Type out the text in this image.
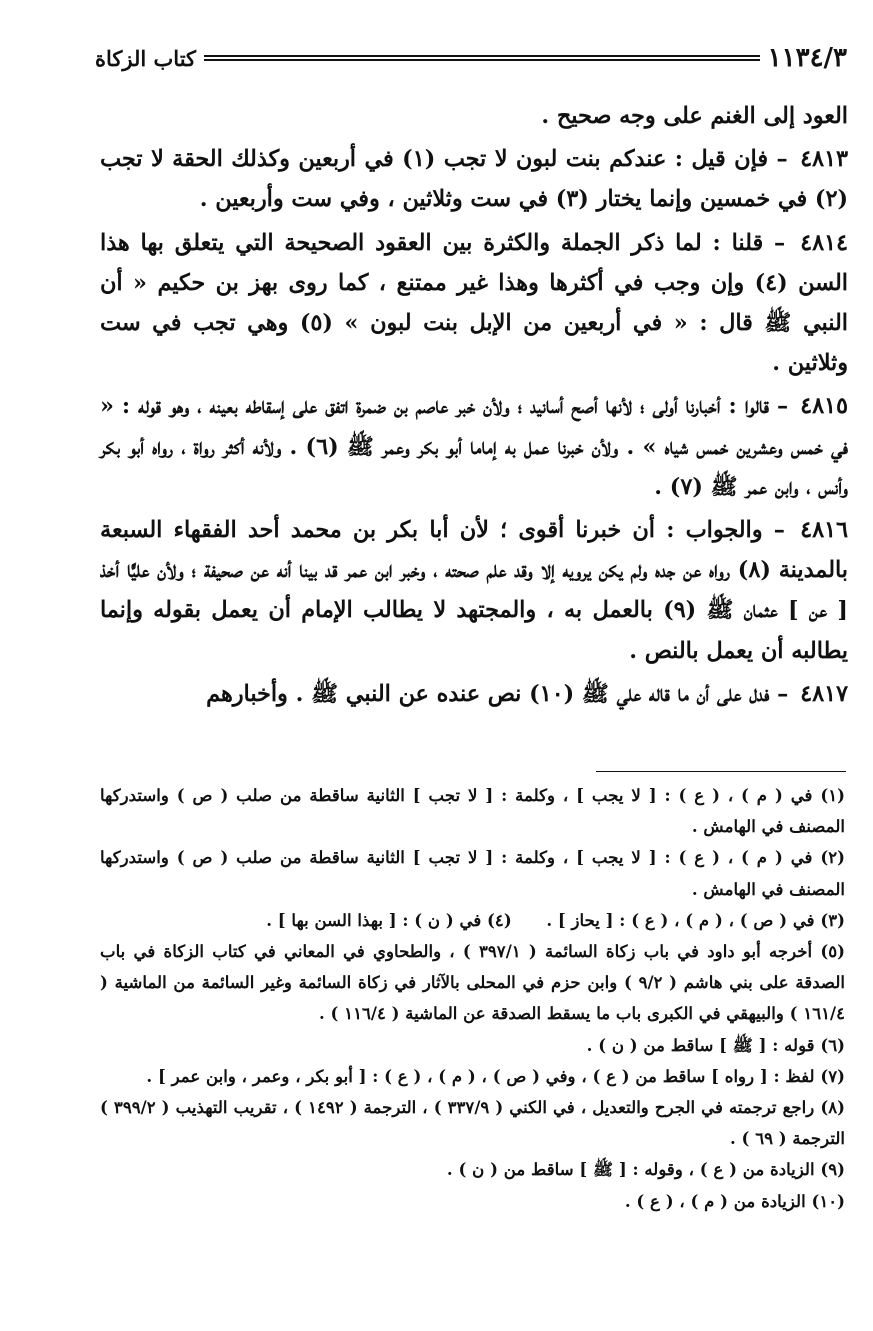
١١٣٤/٣
كتاب الزكاة

العود إلى الغنم على وجه صحيح .

٤٨١٣ – فإن قيل : عندكم بنت لبون لا تجب (١) في أربعين وكذلك الحقة لا تجب (٢) في خمسين وإنما يختار (٣) في ست وثلاثين ، وفي ست وأربعين .

٤٨١٤ – قلنا : لما ذكر الجملة والكثرة بين العقود الصحيحة التي يتعلق بها هذا السن (٤) وإن وجب في أكثرها وهذا غير ممتنع ، كما روى بهز بن حكيم « أن النبي ﷺ قال : « في أربعين من الإبل بنت لبون » (٥) وهي تجب في ست وثلاثين .

٤٨١٥ – قالوا : أخبارنا أولى ؛ لأنها أصح أسانيد ؛ ولأن خبر عاصم بن ضمرة اتفق على إسقاطه بعينه ، وهو قوله : « في خمس وعشرين خمس شياه » . ولأن خبرنا عمل به إماما أبو بكر وعمر ﷺ (٦) . ولأنه أكثر رواة ، رواه أبو بكر وأنس ، وابن عمر ﷺ (٧) .

٤٨١٦ – والجواب : أن خبرنا أقوى ؛ لأن أبا بكر بن محمد أحد الفقهاء السبعة بالمدينة (٨) رواه عن جده ولم يكن يرويه إلا وقد علم صحته ، وخبر ابن عمر قد بينا أنه عن صحيفة ؛ ولأن عليًّا أخذ [ عن ] عثمان ﷺ (٩) بالعمل به ، والمجتهد لا يطالب الإمام أن يعمل بقوله وإنما يطالبه أن يعمل بالنص .

٤٨١٧ – فدل على أن ما قاله علي ﷺ (١٠) نص عنده عن النبي ﷺ . وأخبارهم

(١) في ( م ) ، ( ع ) : [ لا يجب ] ، وكلمة : [ لا تجب ] الثانية ساقطة من صلب ( ص ) واستدركها المصنف في الهامش .

(٢) في ( م ) ، ( ع ) : [ لا يجب ] ، وكلمة : [ لا تجب ] الثانية ساقطة من صلب ( ص ) واستدركها المصنف في الهامش .

(٣) في ( ص ) ، ( م ) ، ( ع ) : [ يحاز ] .      (٤) في ( ن ) : [ بهذا السن بها ] .

(٥) أخرجه أبو داود في باب زكاة السائمة ( ٣٩٧/١ ) ، والطحاوي في المعاني في كتاب الزكاة في باب الصدقة على بني هاشم ( ٩/٢ ) وابن حزم في المحلى بالآثار في زكاة السائمة وغير السائمة من الماشية ( ١٦١/٤ ) والبيهقي في الكبرى باب ما يسقط الصدقة عن الماشية ( ١١٦/٤ ) .

(٦) قوله : [ ﷺ ] ساقط من ( ن ) .

(٧) لفظ : [ رواه ] ساقط من ( ع ) ، وفي ( ص ) ، ( م ) ، ( ع ) : [ أبو بكر ، وعمر ، وابن عمر ] .

(٨) راجع ترجمته في الجرح والتعديل ، في الكني ( ٣٣٧/٩ ) ، الترجمة ( ١٤٩٢ ) ، تقريب التهذيب ( ٣٩٩/٢ ) الترجمة ( ٦٩ ) .

(٩) الزيادة من ( ع ) ، وقوله : [ ﷺ ] ساقط من ( ن ) .

(١٠) الزيادة من ( م ) ، ( ع ) .
